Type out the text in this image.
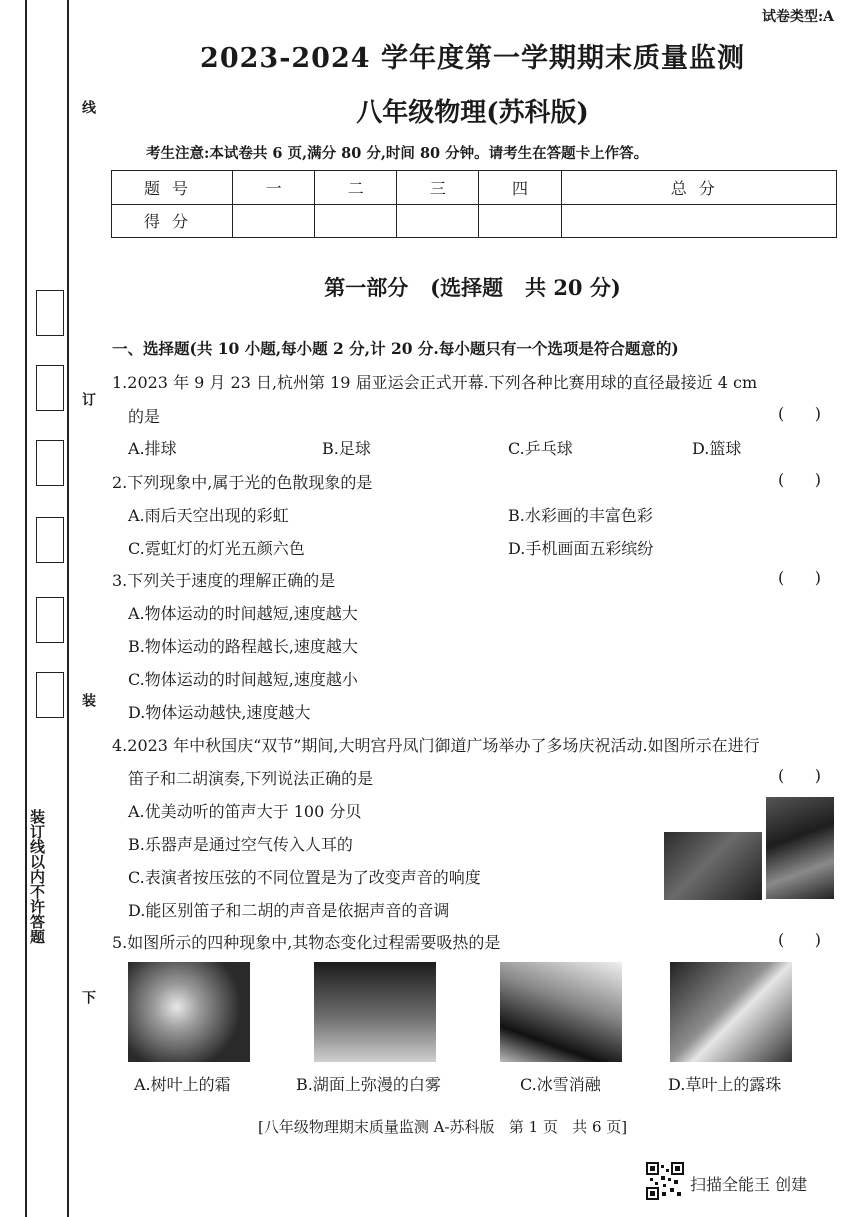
线
订
装
下
装订线以内不许答题
试卷类型:A
2023-2024 学年度第一学期期末质量监测
八年级物理(苏科版)
考生注意:本试卷共 6 页,满分 80 分,时间 80 分钟。请考生在答题卡上作答。
题号	一	二	三	四	总分
得分					
第一部分   (选择题   共 20 分)
一、选择题(共 10 小题,每小题 2 分,计 20 分.每小题只有一个选项是符合题意的)
1.2023 年 9 月 23 日,杭州第 19 届亚运会正式开幕.下列各种比赛用球的直径最接近 4 cm
的是	(      )
A.排球	B.足球	C.乒乓球	D.篮球
2.下列现象中,属于光的色散现象的是	(      )
A.雨后天空出现的彩虹	B.水彩画的丰富色彩
C.霓虹灯的灯光五颜六色	D.手机画面五彩缤纷
3.下列关于速度的理解正确的是	(      )
A.物体运动的时间越短,速度越大
B.物体运动的路程越长,速度越大
C.物体运动的时间越短,速度越小
D.物体运动越快,速度越大
4.2023 年中秋国庆“双节”期间,大明宫丹凤门御道广场举办了多场庆祝活动.如图所示在进行
笛子和二胡演奏,下列说法正确的是	(      )
A.优美动听的笛声大于 100 分贝
B.乐器声是通过空气传入人耳的
C.表演者按压弦的不同位置是为了改变声音的响度
D.能区别笛子和二胡的声音是依据声音的音调
5.如图所示的四种现象中,其物态变化过程需要吸热的是	(      )
A.树叶上的霜	B.湖面上弥漫的白雾	C.冰雪消融	D.草叶上的露珠
[八年级物理期末质量监测 A-苏科版   第 1 页   共 6 页]
扫描全能王 创建
